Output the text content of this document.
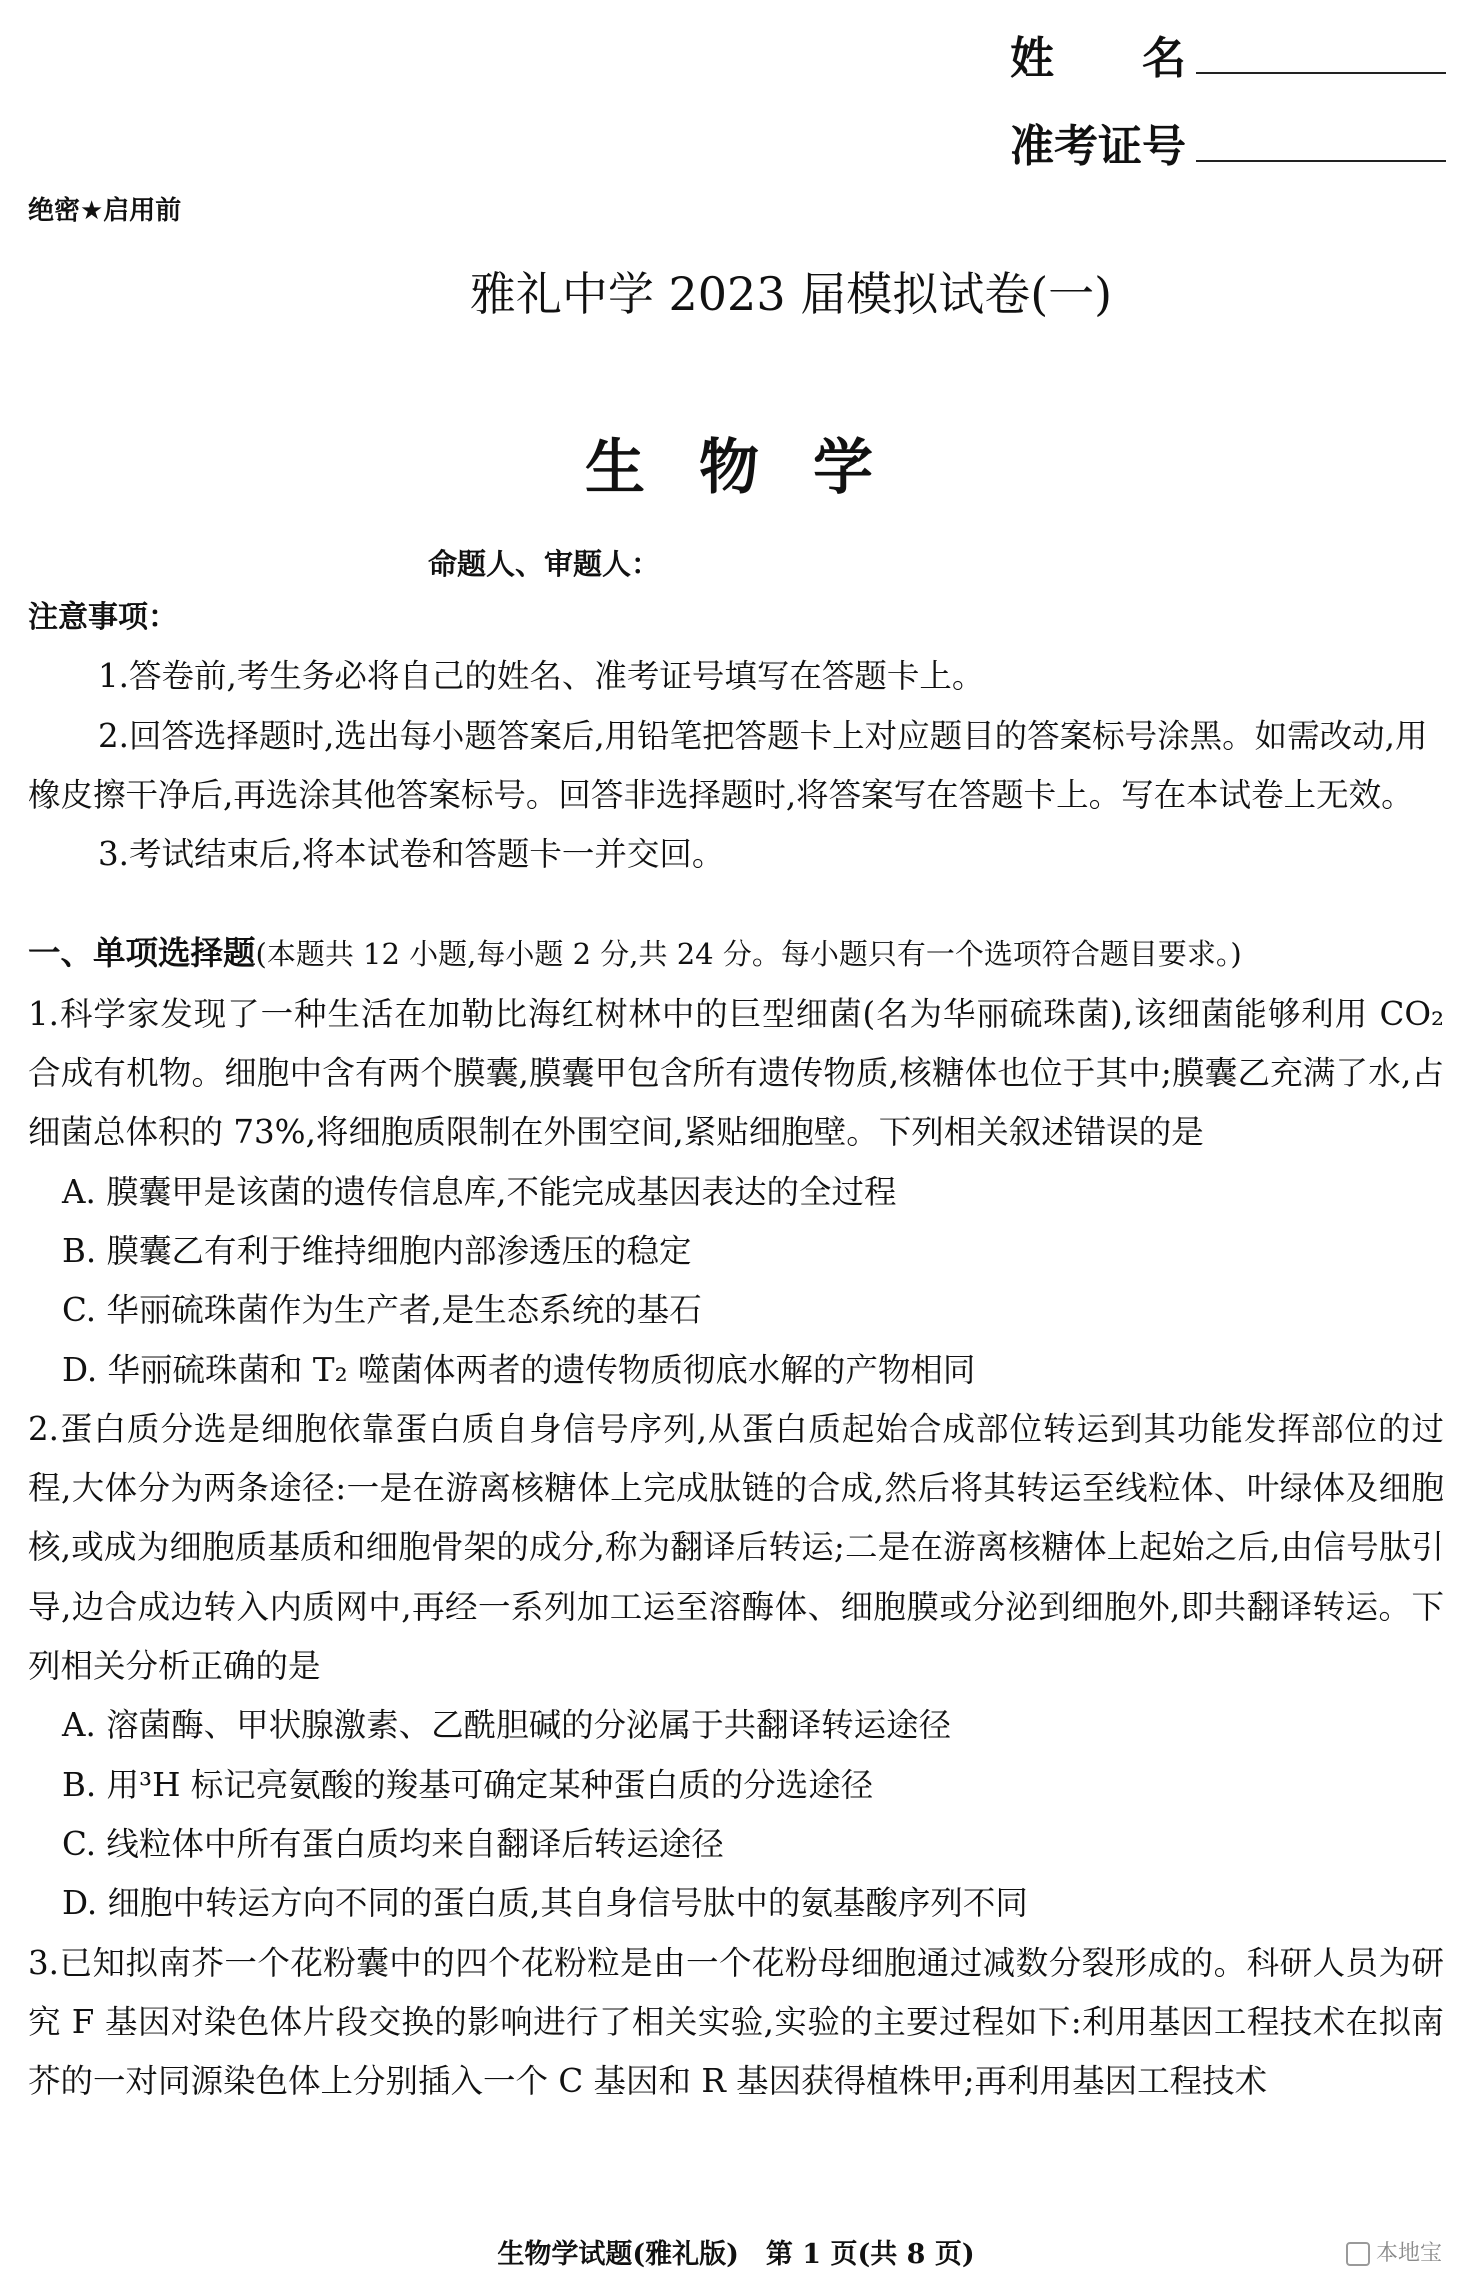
姓　　名
准考证号
绝密★启用前
雅礼中学 2023 届模拟试卷(一)
生物学
命题人、审题人：

注意事项：

1.答卷前,考生务必将自己的姓名、准考证号填写在答题卡上。

2.回答选择题时,选出每小题答案后,用铅笔把答题卡上对应题目的答案标号涂黑。如需改动,用橡皮擦干净后,再选涂其他答案标号。回答非选择题时,将答案写在答题卡上。写在本试卷上无效。

3.考试结束后,将本试卷和答题卡一并交回。

一、单项选择题(本题共 12 小题,每小题 2 分,共 24 分。每小题只有一个选项符合题目要求。)

1.科学家发现了一种生活在加勒比海红树林中的巨型细菌(名为华丽硫珠菌),该细菌能够利用 CO₂ 合成有机物。细胞中含有两个膜囊,膜囊甲包含所有遗传物质,核糖体也位于其中;膜囊乙充满了水,占细菌总体积的 73%,将细胞质限制在外围空间,紧贴细胞壁。下列相关叙述错误的是

A. 膜囊甲是该菌的遗传信息库,不能完成基因表达的全过程

B. 膜囊乙有利于维持细胞内部渗透压的稳定

C. 华丽硫珠菌作为生产者,是生态系统的基石

D. 华丽硫珠菌和 T₂ 噬菌体两者的遗传物质彻底水解的产物相同

2.蛋白质分选是细胞依靠蛋白质自身信号序列,从蛋白质起始合成部位转运到其功能发挥部位的过程,大体分为两条途径:一是在游离核糖体上完成肽链的合成,然后将其转运至线粒体、叶绿体及细胞核,或成为细胞质基质和细胞骨架的成分,称为翻译后转运;二是在游离核糖体上起始之后,由信号肽引导,边合成边转入内质网中,再经一系列加工运至溶酶体、细胞膜或分泌到细胞外,即共翻译转运。下列相关分析正确的是

A. 溶菌酶、甲状腺激素、乙酰胆碱的分泌属于共翻译转运途径

B. 用³H 标记亮氨酸的羧基可确定某种蛋白质的分选途径

C. 线粒体中所有蛋白质均来自翻译后转运途径

D. 细胞中转运方向不同的蛋白质,其自身信号肽中的氨基酸序列不同

3.已知拟南芥一个花粉囊中的四个花粉粒是由一个花粉母细胞通过减数分裂形成的。科研人员为研究 F 基因对染色体片段交换的影响进行了相关实验,实验的主要过程如下:利用基因工程技术在拟南芥的一对同源染色体上分别插入一个 C 基因和 R 基因获得植株甲;再利用基因工程技术

生物学试题(雅礼版)　第 1 页(共 8 页)	本地宝
